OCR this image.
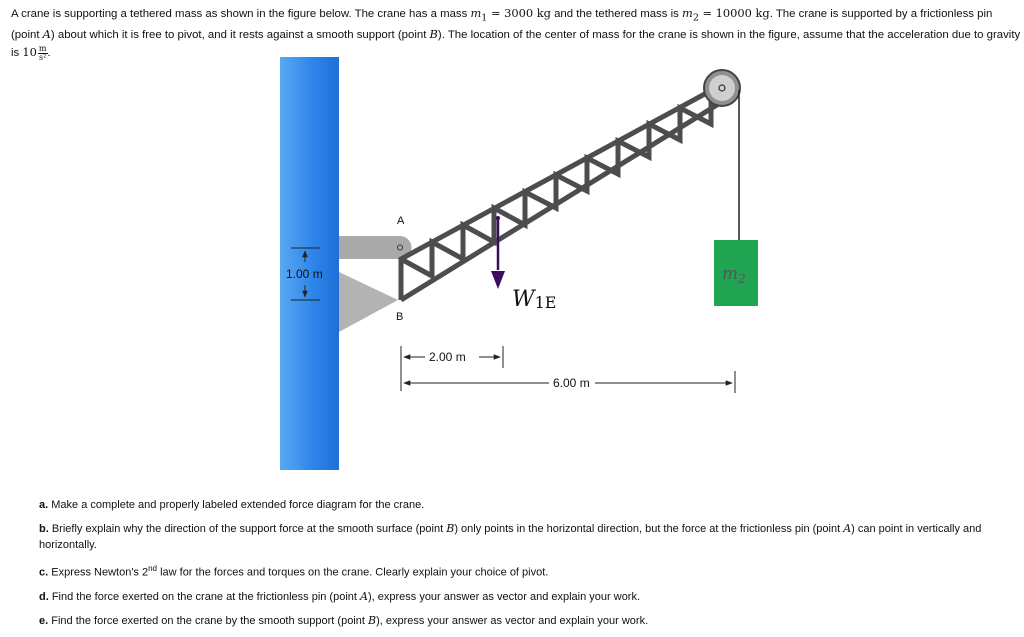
A crane is supporting a tethered mass as shown in the figure below. The crane has a mass $m_1 = 3000$ kg and the tethered mass is $m_2 = 10000$ kg. The crane is supported by a frictionless pin (point A) about which it is free to pivot, and it rests against a smooth support (point B). The location of the center of mass for the crane is shown in the figure, assume that the acceleration due to gravity is $10 \frac{m}{\text{s²}}$ .
A
B
1.00 m	$m_2$
W1E
2.00 m
6.00 m

a. Make a complete and properly labeled extended force diagram for the crane.

b. Briefly explain why the direction of the support force at the smooth surface (point B) only points in the horizontal direction, but the force at the frictionless pin (point A) can point in vertically and horizontally.

c. Express Newton's 2nd law for the forces and torques on the crane. Clearly explain your choice of pivot.

d. Find the force exerted on the crane at the frictionless pin (point A), express your answer as vector and explain your work.

e. Find the force exerted on the crane by the smooth support (point B), express your answer as vector and explain your work.
